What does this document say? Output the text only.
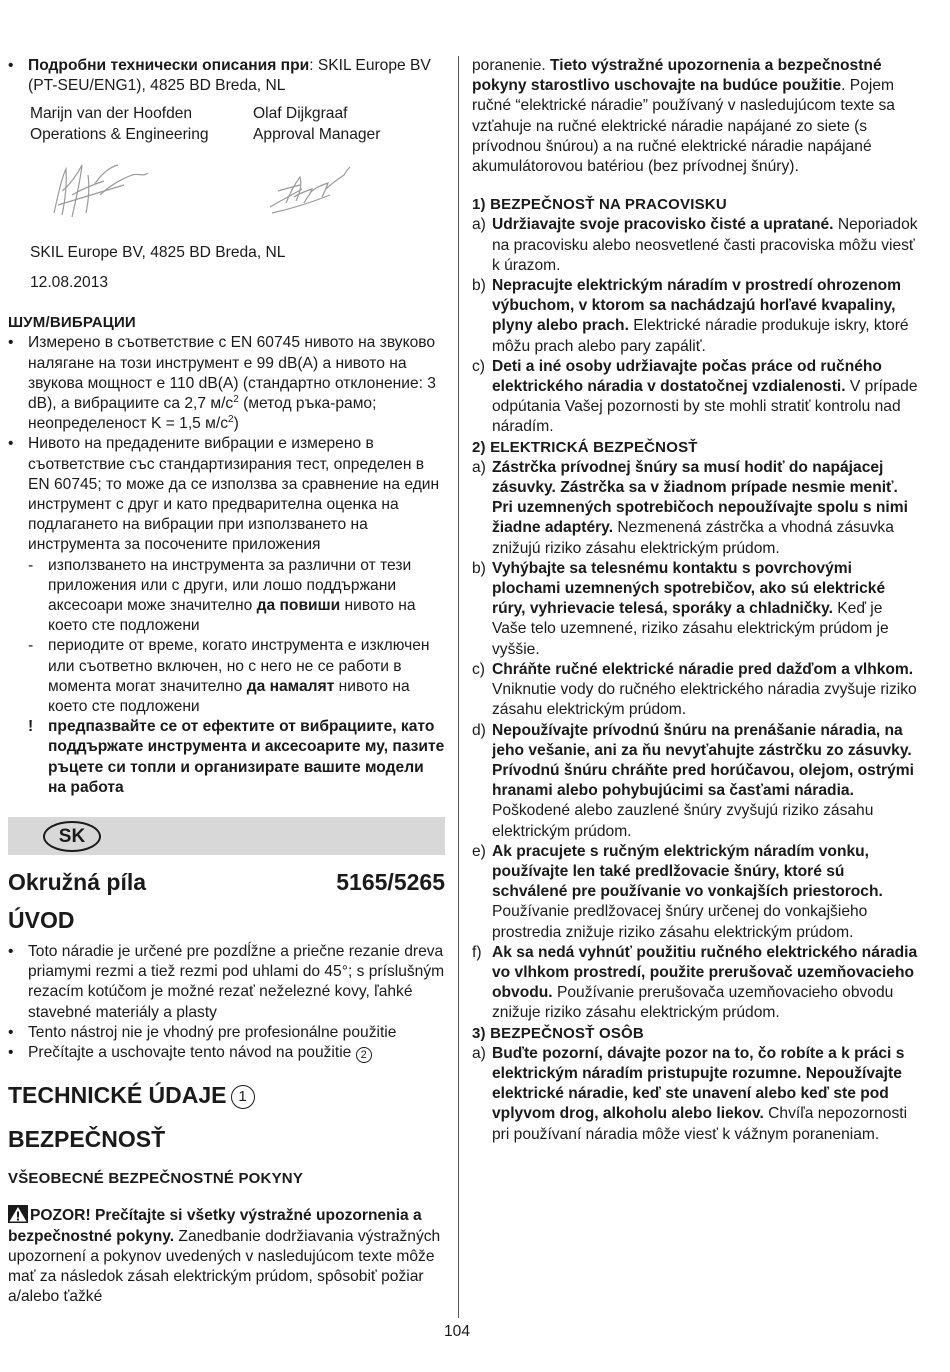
• Подробни технически описания при: SKIL Europe BV (PT-SEU/ENG1), 4825 BD Breda, NL
Marijn van der Hoofden
Operations & Engineering
Olaf Dijkgraaf
Approval Manager
SKIL Europe BV, 4825 BD Breda, NL
12.08.2013
ШУМ/ВИБРАЦИИ
• Измерено в съответствие с EN 60745 нивото на звуково налягане на този инструмент е 99 dB(A) а нивото на звукова мощност е 110 dB(A) (стандартно отклонение: 3 dB), а вибрациите са 2,7 $м/с^2$ (метод ръка-рамо; неопределеност K = 1,5 $м/с^2$)
• Нивото на предадените вибрации е измерено в съответствие със стандартизирания тест, определен в EN 60745; то може да се използва за сравнение на един инструмент с друг и като предварителна оценка на подлагането на вибрации при използването на инструмента за посочените приложения
- използването на инструмента за различни от тези приложения или с други, или лошо поддържани аксесоари може значително да повиши нивото на което сте подложени
- периодите от време, когато инструмента е изключен или съответно включен, но с него не се работи в момента могат значително да намалят нивото на което сте подложени
! предпазвайте се от ефектите от вибрациите, като поддържате инструмента и аксесоарите му, пазите ръцете си топли и организирате вашите модели на работа
SK
Okružná píla	5165/5265
ÚVOD
• Toto náradie je určené pre pozdĺžne a priečne rezanie dreva priamymi rezmi a tiež rezmi pod uhlami do 45°; s príslušným rezacím kotúčom je možné rezať neželezné kovy, ľahké stavebné materiály a plasty
• Tento nástroj nie je vhodný pre profesionálne použitie
• Prečítajte a uschovajte tento návod na použitie 2
TECHNICKÉ ÚDAJE 1
BEZPEČNOSŤ
VŠEOBECNÉ BEZPEČNOSTNÉ POKYNY
POZOR! Prečítajte si všetky výstražné upozornenia a bezpečnostné pokyny. Zanedbanie dodržiavania výstražných upozornení a pokynov uvedených v nasledujúcom texte môže mať za následok zásah elektrickým prúdom, spôsobiť požiar a/alebo ťažké
poranenie. Tieto výstražné upozornenia a bezpečnostné pokyny starostlivo uschovajte na budúce použitie. Pojem ručné “elektrické náradie” používaný v nasledujúcom texte sa vzťahuje na ručné elektrické náradie napájané zo siete (s prívodnou šnúrou) a na ručné elektrické náradie napájané akumulátorovou batériou (bez prívodnej šnúry).
1) BEZPEČNOSŤ NA PRACOVISKU
a) Udržiavajte svoje pracovisko čisté a upratané. Neporiadok na pracovisku alebo neosvetlené časti pracoviska môžu viesť k úrazom.
b) Nepracujte elektrickým náradím v prostredí ohrozenom výbuchom, v ktorom sa nachádzajú horľavé kvapaliny, plyny alebo prach. Elektrické náradie produkuje iskry, ktoré môžu prach alebo pary zapáliť.
c) Deti a iné osoby udržiavajte počas práce od ručného elektrického náradia v dostatočnej vzdialenosti. V prípade odpútania Vašej pozornosti by ste mohli stratiť kontrolu nad náradím.
2) ELEKTRICKÁ BEZPEČNOSŤ
a) Zástrčka prívodnej šnúry sa musí hodiť do napájacej zásuvky. Zástrčka sa v žiadnom prípade nesmie meniť. Pri uzemnených spotrebičoch nepoužívajte spolu s nimi žiadne adaptéry. Nezmenená zástrčka a vhodná zásuvka znižujú riziko zásahu elektrickým prúdom.
b) Vyhýbajte sa telesnému kontaktu s povrchovými plochami uzemnených spotrebičov, ako sú elektrické rúry, vyhrievacie telesá, sporáky a chladničky. Keď je Vaše telo uzemnené, riziko zásahu elektrickým prúdom je vyššie.
c) Chráňte ručné elektrické náradie pred dažďom a vlhkom. Vniknutie vody do ručného elektrického náradia zvyšuje riziko zásahu elektrickým prúdom.
d) Nepoužívajte prívodnú šnúru na prenášanie náradia, na jeho vešanie, ani za ňu nevyťahujte zástrčku zo zásuvky. Prívodnú šnúru chráňte pred horúčavou, olejom, ostrými hranami alebo pohybujúcimi sa časťami náradia. Poškodené alebo zauzlené šnúry zvyšujú riziko zásahu elektrickým prúdom.
e) Ak pracujete s ručným elektrickým náradím vonku, používajte len také predlžovacie šnúry, ktoré sú schválené pre používanie vo vonkajších priestoroch. Používanie predlžovacej šnúry určenej do vonkajšieho prostredia znižuje riziko zásahu elektrickým prúdom.
f) Ak sa nedá vyhnúť použitiu ručného elektrického náradia vo vlhkom prostredí, použite prerušovač uzemňovacieho obvodu. Používanie prerušovača uzemňovacieho obvodu znižuje riziko zásahu elektrickým prúdom.
3) BEZPEČNOSŤ OSÔB
a) Buďte pozorní, dávajte pozor na to, čo robíte a k práci s elektrickým náradím pristupujte rozumne. Nepoužívajte elektrické náradie, keď ste unavení alebo keď ste pod vplyvom drog, alkoholu alebo liekov. Chvíľa nepozornosti pri používaní náradia môže viesť k vážnym poraneniam.
104
